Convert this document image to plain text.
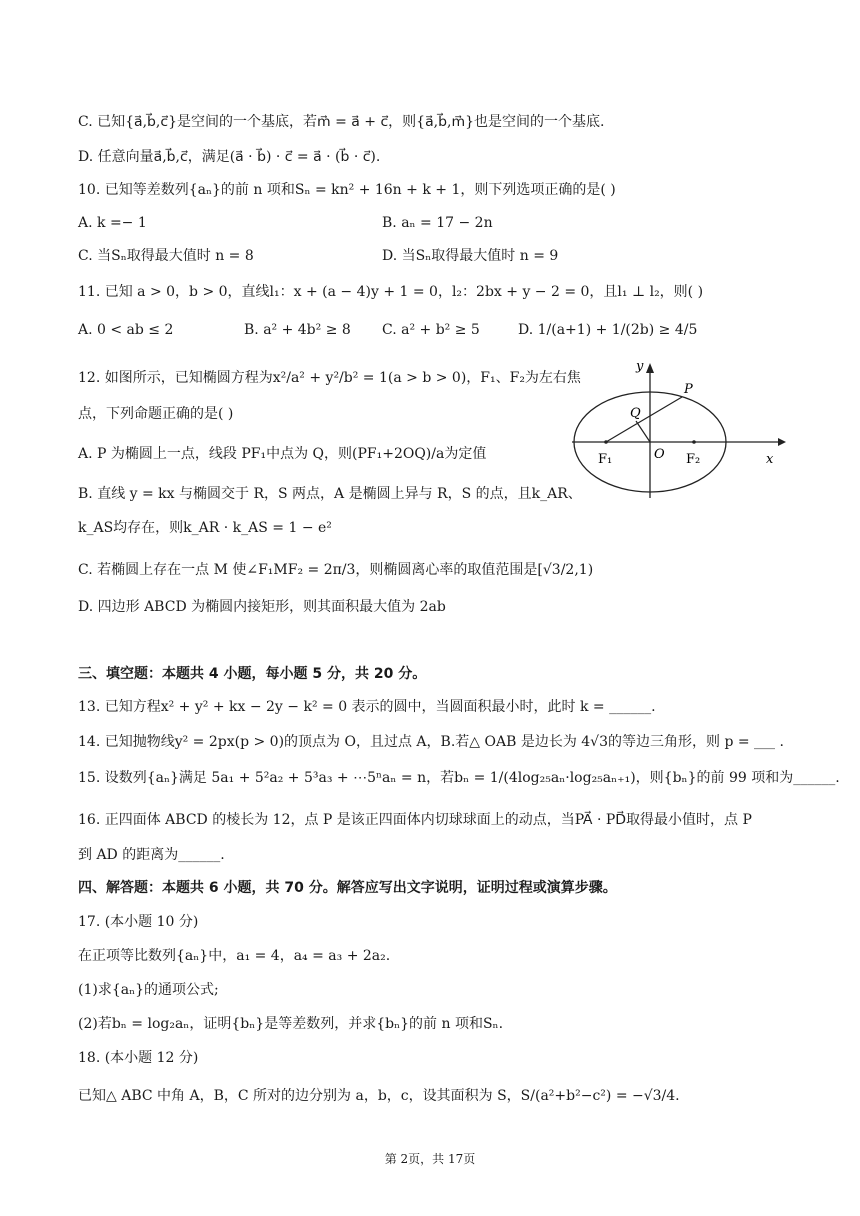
C. 已知{a⃗,b⃗,c⃗}是空间的一个基底，若m⃗ = a⃗ + c⃗，则{a⃗,b⃗,m⃗}也是空间的一个基底.
D. 任意向量a⃗,b⃗,c⃗，满足(a⃗ · b⃗) · c⃗ = a⃗ · (b⃗ · c⃗).
10. 已知等差数列{aₙ}的前 n 项和Sₙ = kn² + 16n + k + 1，则下列选项正确的是( )
A. k =− 1	B. aₙ = 17 − 2n
C. 当Sₙ取得最大值时 n = 8	D. 当Sₙ取得最大值时 n = 9
11. 已知 a > 0，b > 0，直线l₁：x + (a − 4)y + 1 = 0，l₂：2bx + y − 2 = 0，且l₁ ⊥ l₂，则( )
A. 0 < ab ≤ 2	B. a² + 4b² ≥ 8 C. a² + b² ≥ 5	D. 1/(a+1) + 1/(2b) ≥ 4/5
12. 如图所示，已知椭圆方程为x²/a² + y²/b² = 1(a > b > 0)，F₁、F₂为左右焦
点，下列命题正确的是( )
A. P 为椭圆上一点，线段 PF₁中点为 Q，则(PF₁+2OQ)/a为定值
B. 直线 y = kx 与椭圆交于 R，S 两点，A 是椭圆上异与 R，S 的点，且k_AR、
k_AS均存在，则k_AR · k_AS = 1 − e²
C. 若椭圆上存在一点 M 使∠F₁MF₂ = 2π/3，则椭圆离心率的取值范围是[√3/2,1)
D. 四边形 ABCD 为椭圆内接矩形，则其面积最大值为 2ab
y
x
P
Q
O
F₁	F₂
三、填空题：本题共 4 小题，每小题 5 分，共 20 分。
13. 已知方程x² + y² + kx − 2y − k² = 0 表示的圆中，当圆面积最小时，此时 k = ______.
14. 已知抛物线y² = 2px(p > 0)的顶点为 O，且过点 A，B.若△ OAB 是边长为 4√3的等边三角形，则 p = ___ .
15. 设数列{aₙ}满足 5a₁ + 5²a₂ + 5³a₃ + ⋯5ⁿaₙ = n，若bₙ = 1/(4log₂₅aₙ·log₂₅aₙ₊₁)，则{bₙ}的前 99 项和为______.
16. 正四面体 ABCD 的棱长为 12，点 P 是该正四面体内切球球面上的动点，当PA⃗ · PD⃗取得最小值时，点 P
到 AD 的距离为______.
四、解答题：本题共 6 小题，共 70 分。解答应写出文字说明，证明过程或演算步骤。
17. (本小题 10 分)
在正项等比数列{aₙ}中，a₁ = 4，a₄ = a₃ + 2a₂.
(1)求{aₙ}的通项公式;
(2)若bₙ = log₂aₙ，证明{bₙ}是等差数列，并求{bₙ}的前 n 项和Sₙ.
18. (本小题 12 分)
已知△ ABC 中角 A，B，C 所对的边分别为 a，b，c，设其面积为 S，S/(a²+b²−c²) = −√3/4.
第 2页，共 17页
